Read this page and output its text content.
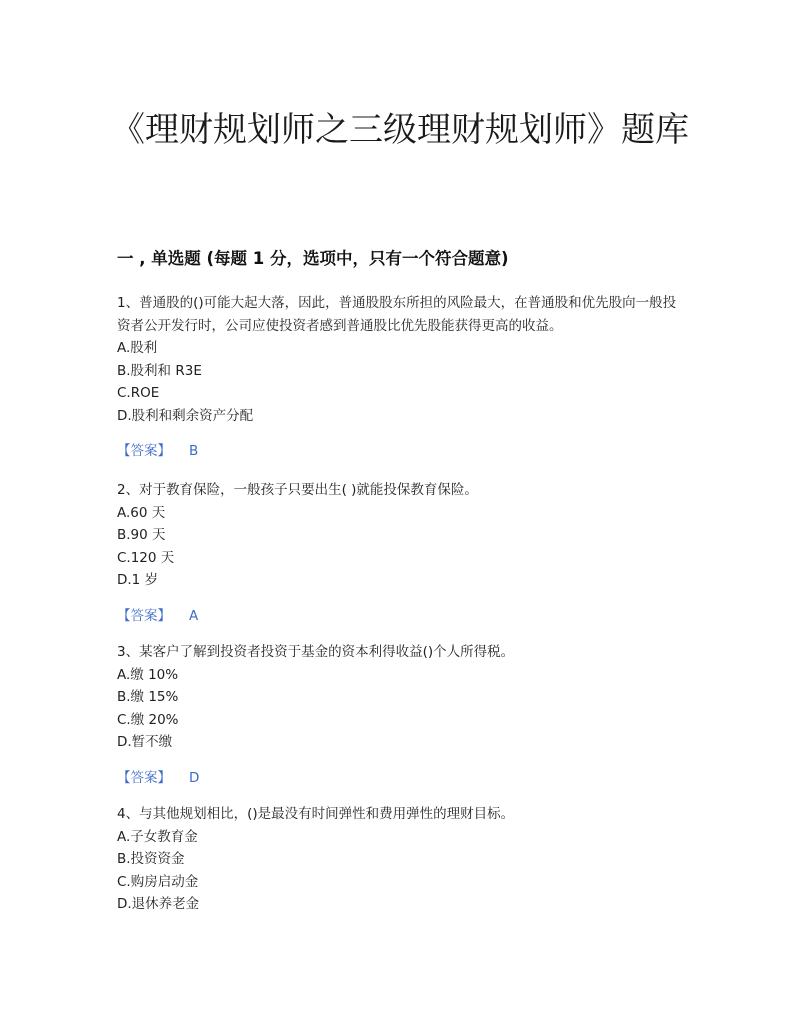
《理财规划师之三级理财规划师》题库
一 , 单选题 (每题 1 分，选项中，只有一个符合题意)

1、普通股的()可能大起大落，因此，普通股股东所担的风险最大，在普通股和优先股向一般投资者公开发行时，公司应使投资者感到普通股比优先股能获得更高的收益。

A.股利
B.股利和 R3E
C.ROE
D.股利和剩余资产分配
【答案】 B

2、对于教育保险，一般孩子只要出生( )就能投保教育保险。

A.60 天
B.90 天
C.120 天
D.1 岁
【答案】 A

3、某客户了解到投资者投资于基金的资本利得收益()个人所得税。

A.缴 10%
B.缴 15%
C.缴 20%
D.暂不缴
【答案】 D

4、与其他规划相比，()是最没有时间弹性和费用弹性的理财目标。

A.子女教育金
B.投资资金
C.购房启动金
D.退休养老金
